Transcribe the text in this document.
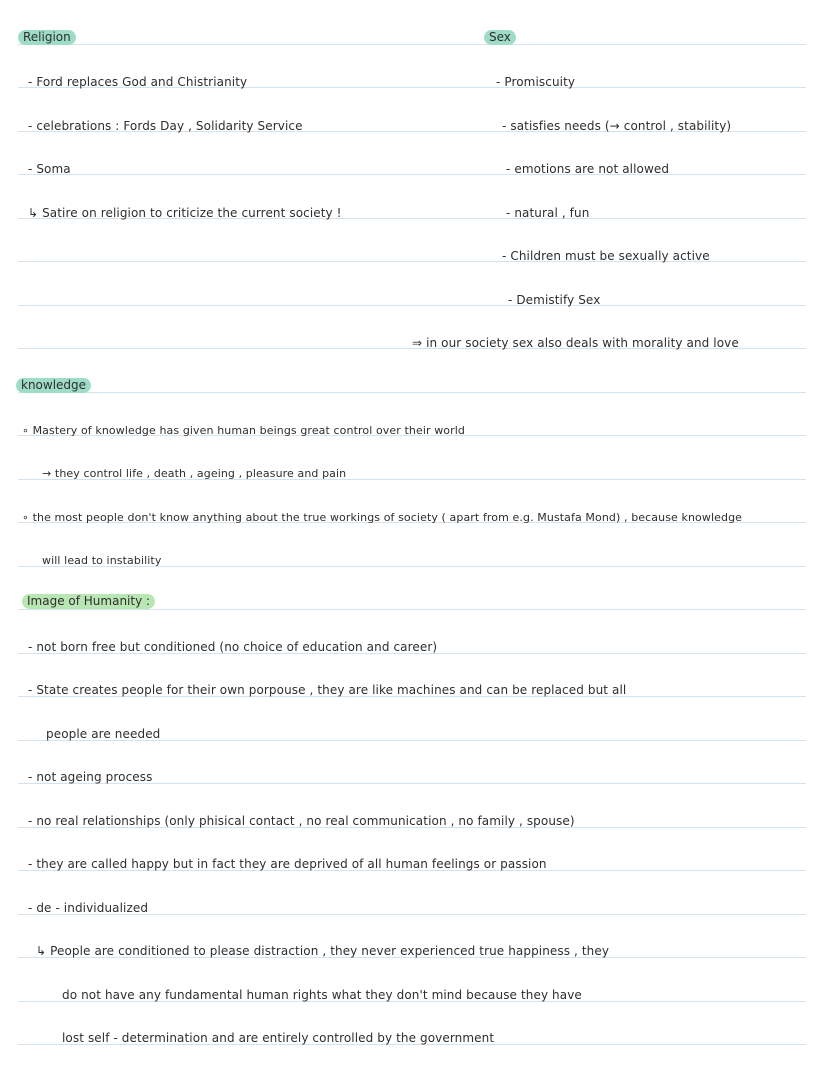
Religion
- Ford replaces God and Chistrianity
- celebrations : Fords Day , Solidarity Service
- Soma
↳ Satire on religion to criticize the current society !
Sex
- Promiscuity
- satisfies needs (→ control , stability)
- emotions are not allowed
- natural , fun
- Children must be sexually active
- Demistify Sex
⇒ in our society sex also deals with morality and love
knowledge
∘ Mastery of knowledge has given human beings great control over their world
→ they control life , death , ageing , pleasure and pain
∘ the most people don't know anything about the true workings of society ( apart from e.g. Mustafa Mond) , because knowledge
will lead to instability
Image of Humanity :
- not born free but conditioned (no choice of education and career)
- State creates people for their own porpouse , they are like machines and can be replaced but all
people are needed
- not ageing process
- no real relationships (only phisical contact , no real communication , no family , spouse)
- they are called happy but in fact they are deprived of all human feelings or passion
- de - individualized
↳ People are conditioned to please distraction , they never experienced true happiness , they
do not have any fundamental human rights what they don't mind because they have
lost self - determination and are entirely controlled by the government
